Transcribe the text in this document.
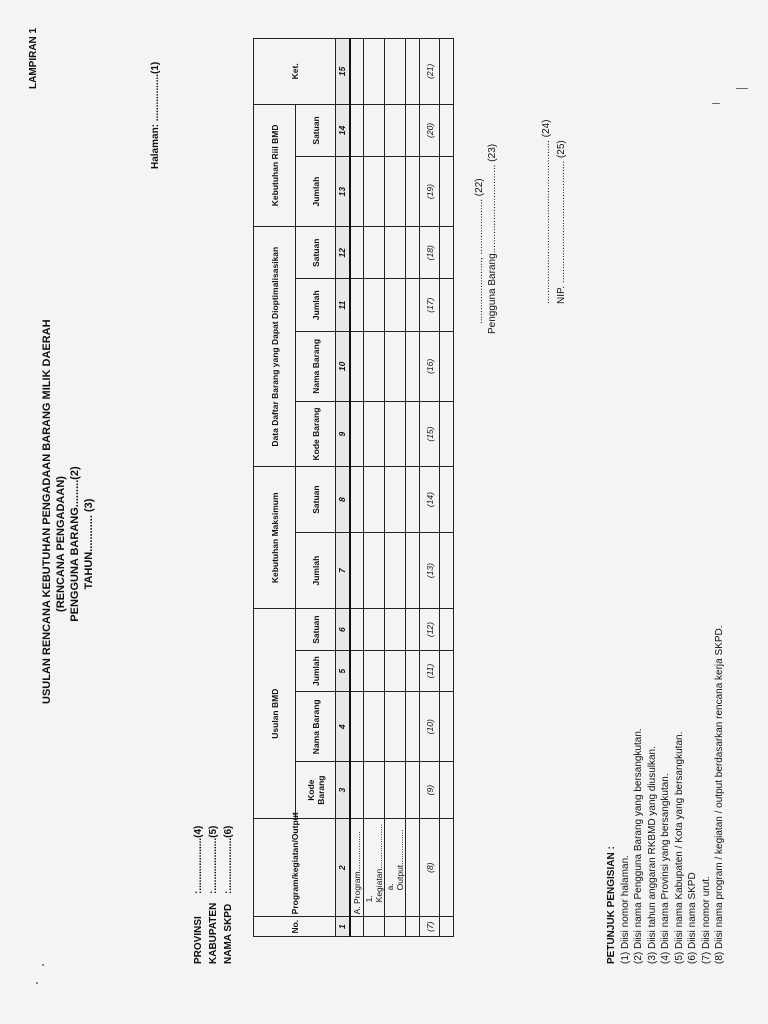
LAMPIRAN 1
USULAN RENCANA KEBUTUHAN PENGADAAN BARANG MILIK DAERAH (RENCANA PENGADAAN) PENGGUNA BARANG.........(2) TAHUN............ (3)
Halaman: .................(1)
PROVINSI:...................(4)
KABUPATEN:...................(5)
NAMA SKPD:...................(6)
No.	Program/kegiatan/Output	Usulan BMD				Kebutuhan Maksimum		Data Daftar Barang yang Dapat Dioptimalisasikan				Kebutuhan Riil BMD		Ket.
		Kode Barang	Nama Barang	Jumlah	Satuan	Jumlah	Satuan	Kode Barang	Nama Barang	Jumlah	Satuan	Jumlah	Satuan	
1	2	3	4	5	6	7	8	9	10	11	12	13	14	15
	A. Program.................													
	1. Kegiatan...................													
	a. Output...............													

(7)	(8)	(9)	(10)	(11)	(12)	(13)	(14)	(15)	(16)	(17)	(18)	(19)	(20)	(21)

......................., .................... (22) Pengguna Barang................................ (23)	........................................................... (24) NIP. ............................................ (25)
PETUNJUK PENGISIAN : (1) Diisi nomor halaman. (2) Diisi nama Pengguna Barang yang bersangkutan. (3) Diisi tahun anggaran RKBMD yang diusulkan. (4) Diisi nama Provinsi yang bersangkutan. (5) Diisi nama Kabupaten / Kota yang bersangkutan. (6) Diisi nama SKPD (7) Diisi nomor urut. (8) Diisi nama program / kegiatan / output berdasarkan rencana kerja SKPD.
